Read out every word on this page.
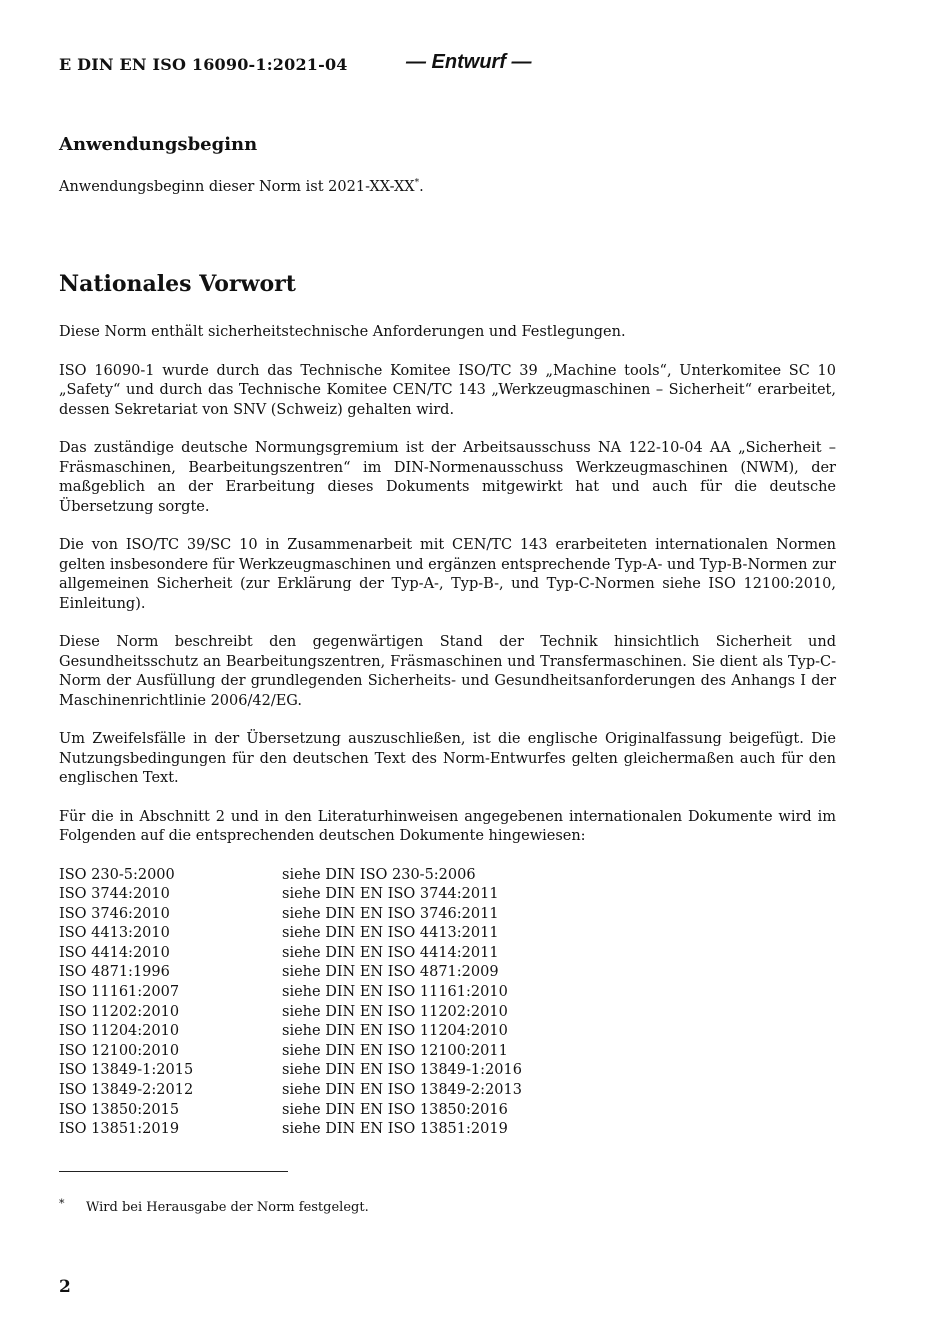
E DIN EN ISO 16090-1:2021-04	— Entwurf —
Anwendungsbeginn
Anwendungsbeginn dieser Norm ist 2021-XX-XX*.
Nationales Vorwort

Diese Norm enthält sicherheitstechnische Anforderungen und Festlegungen.

ISO 16090-1 wurde durch das Technische Komitee ISO/TC 39 „Machine tools“, Unterkomitee SC 10 „Safety“ und durch das Technische Komitee CEN/TC 143 „Werkzeugmaschinen – Sicherheit“ erarbeitet, dessen Sekretariat von SNV (Schweiz) gehalten wird.

Das zuständige deutsche Normungsgremium ist der Arbeitsausschuss NA 122-10-04 AA „Sicherheit – Fräsmaschinen, Bearbeitungszentren“ im DIN-Normenausschuss Werkzeugmaschinen (NWM), der maßgeblich an der Erarbeitung dieses Dokuments mitgewirkt hat und auch für die deutsche Übersetzung sorgte.

Die von ISO/TC 39/SC 10 in Zusammenarbeit mit CEN/TC 143 erarbeiteten internationalen Normen gelten insbesondere für Werkzeugmaschinen und ergänzen entsprechende Typ-A- und Typ-B-Normen zur allgemeinen Sicherheit (zur Erklärung der Typ-A-, Typ-B-, und Typ-C-Normen siehe ISO 12100:2010, Einleitung).

Diese Norm beschreibt den gegenwärtigen Stand der Technik hinsichtlich Sicherheit und Gesundheitsschutz an Bearbeitungszentren, Fräsmaschinen und Transfermaschinen. Sie dient als Typ-C-Norm der Ausfüllung der grundlegenden Sicherheits- und Gesundheitsanforderungen des Anhangs I der Maschinenrichtlinie 2006/42/EG.

Um Zweifelsfälle in der Übersetzung auszuschließen, ist die englische Originalfassung beigefügt. Die Nutzungsbedingungen für den deutschen Text des Norm-Entwurfes gelten gleichermaßen auch für den englischen Text.

Für die in Abschnitt 2 und in den Literaturhinweisen angegebenen internationalen Dokumente wird im Folgenden auf die entsprechenden deutschen Dokumente hingewiesen:

ISO 230-5:2000	siehe DIN ISO 230-5:2006
ISO 3744:2010	siehe DIN EN ISO 3744:2011
ISO 3746:2010	siehe DIN EN ISO 3746:2011
ISO 4413:2010	siehe DIN EN ISO 4413:2011
ISO 4414:2010	siehe DIN EN ISO 4414:2011
ISO 4871:1996	siehe DIN EN ISO 4871:2009
ISO 11161:2007	siehe DIN EN ISO 11161:2010
ISO 11202:2010	siehe DIN EN ISO 11202:2010
ISO 11204:2010	siehe DIN EN ISO 11204:2010
ISO 12100:2010	siehe DIN EN ISO 12100:2011
ISO 13849-1:2015	siehe DIN EN ISO 13849-1:2016
ISO 13849-2:2012	siehe DIN EN ISO 13849-2:2013
ISO 13850:2015	siehe DIN EN ISO 13850:2016
ISO 13851:2019	siehe DIN EN ISO 13851:2019
*	Wird bei Herausgabe der Norm festgelegt.
2
